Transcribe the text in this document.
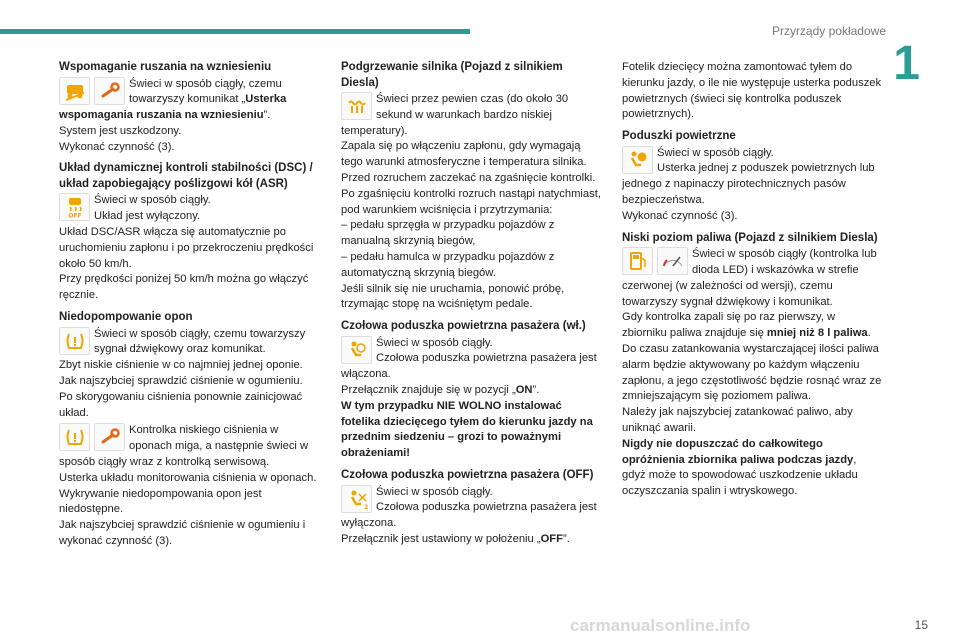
Przyrządy pokładowe
1
Wspomaganie ruszania na wzniesieniu

Świeci w sposób ciągły, czemu towarzyszy komunikat „Usterka wspomagania ruszania na wzniesieniu”.

System jest uszkodzony.

Wykonać czynność (3).

Układ dynamicznej kontroli stabilności (DSC) / układ zapobiegający poślizgowi kół (ASR)
OFF

Świeci w sposób ciągły.

Układ jest wyłączony.

Układ DSC/ASR włącza się automatycznie po uruchomieniu zapłonu i po przekroczeniu prędkości około 50 km/h.

Przy prędkości poniżej 50 km/h można go włączyć ręcznie.

Niedopompowanie opon

Świeci w sposób ciągły, czemu towarzyszy sygnał dźwiękowy oraz komunikat.

Zbyt niskie ciśnienie w co najmniej jednej oponie.

Jak najszybciej sprawdzić ciśnienie w ogumieniu.

Po skorygowaniu ciśnienia ponownie zainicjować układ.

Kontrolka niskiego ciśnienia w oponach miga, a następnie świeci w sposób ciągły wraz z kontrolką serwisową.

Usterka układu monitorowania ciśnienia w oponach.

Wykrywanie niedopompowania opon jest niedostępne.

Jak najszybciej sprawdzić ciśnienie w ogumieniu i wykonać czynność (3).

Podgrzewanie silnika (Pojazd z silnikiem Diesla)

Świeci przez pewien czas (do około 30 sekund w warunkach bardzo niskiej temperatury).

Zapala się po włączeniu zapłonu, gdy wymagają tego warunki atmosferyczne i temperatura silnika.

Przed rozruchem zaczekać na zgaśnięcie kontrolki.

Po zgaśnięciu kontrolki rozruch nastąpi natychmiast, pod warunkiem wciśnięcia i przytrzymania:

– pedału sprzęgła w przypadku pojazdów z manualną skrzynią biegów,

– pedału hamulca w przypadku pojazdów z automatyczną skrzynią biegów.

Jeśli silnik się nie uruchamia, ponowić próbę, trzymając stopę na wciśniętym pedale.

Czołowa poduszka powietrzna pasażera (wł.)

Świeci w sposób ciągły.

Czołowa poduszka powietrzna pasażera jest włączona.

Przełącznik znajduje się w pozycji „ON”.

W tym przypadku NIE WOLNO instalować fotelika dziecięcego tyłem do kierunku jazdy na przednim siedzeniu – grozi to poważnymi obrażeniami!

Czołowa poduszka powietrzna pasażera (OFF)
2

Świeci w sposób ciągły.

Czołowa poduszka powietrzna pasażera jest wyłączona.

Przełącznik jest ustawiony w położeniu „OFF”.

Fotelik dziecięcy można zamontować tyłem do kierunku jazdy, o ile nie występuje usterka poduszek powietrznych (świeci się kontrolka poduszek powietrznych).

Poduszki powietrzne

Świeci w sposób ciągły.

Usterka jednej z poduszek powietrznych lub jednego z napinaczy pirotechnicznych pasów bezpieczeństwa.

Wykonać czynność (3).

Niski poziom paliwa (Pojazd z silnikiem Diesla)

Świeci w sposób ciągły (kontrolka lub dioda LED) i wskazówka w strefie czerwonej (w zależności od wersji), czemu towarzyszy sygnał dźwiękowy i komunikat.

Gdy kontrolka zapali się po raz pierwszy, w zbiorniku paliwa znajduje się mniej niż 8 l paliwa.

Do czasu zatankowania wystarczającej ilości paliwa alarm będzie aktywowany po każdym włączeniu zapłonu, a jego częstotliwość będzie rosnąć wraz ze zmniejszającym się poziomem paliwa.

Należy jak najszybciej zatankować paliwo, aby uniknąć awarii.

Nigdy nie dopuszczać do całkowitego opróżnienia zbiornika paliwa podczas jazdy, gdyż może to spowodować uszkodzenie układu oczyszczania spalin i wtryskowego.

carmanualsonline.info	15
